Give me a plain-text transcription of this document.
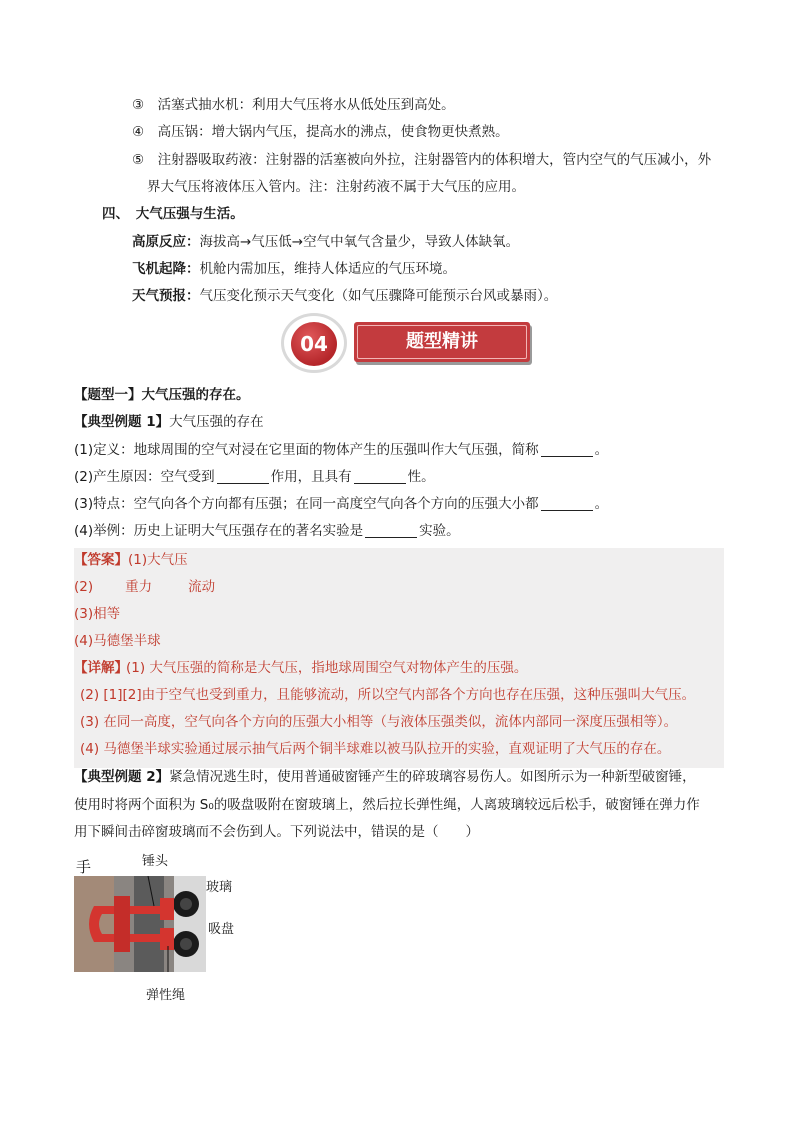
③　活塞式抽水机：利用大气压将水从低处压到高处。
④　高压锅：增大锅内气压，提高水的沸点，使食物更快煮熟。
⑤　注射器吸取药液：注射器的活塞被向外拉，注射器管内的体积增大，管内空气的气压减小，外
界大气压将液体压入管内。注：注射药液不属于大气压的应用。
四、　大气压强与生活。
高原反应：海拔高→气压低→空气中氧气含量少，导致人体缺氧。
飞机起降：机舱内需加压，维持人体适应的气压环境。
天气预报：气压变化预示天气变化（如气压骤降可能预示台风或暴雨）。
04	题型精讲
【题型一】大气压强的存在。
【典型例题 1】大气压强的存在
(1)定义：地球周围的空气对浸在它里面的物体产生的压强叫作大气压强，简称	。
(2)产生原因：空气受到	作用，且具有	性。
(3)特点：空气向各个方向都有压强；在同一高度空气向各个方向的压强大小都	。
(4)举例：历史上证明大气压强存在的著名实验是	实验。
【答案】(1)大气压
(2) 重力	流动
(3)相等
(4)马德堡半球
【详解】
(1) 大气压强的简称是大气压，指地球周围空气对物体产生的压强。
(2) [1][2]由于空气也受到重力，且能够流动，所以空气内部各个方向也存在压强，这种压强叫大气压。
(3) 在同一高度，空气向各个方向的压强大小相等（与液体压强类似，流体内部同一深度压强相等）。
(4) 马德堡半球实验通过展示抽气后两个铜半球难以被马队拉开的实验，直观证明了大气压的存在。
【典型例题 2】紧急情况逃生时，使用普通破窗锤产生的碎玻璃容易伤人。如图所示为一种新型破窗锤，
使用时将两个面积为 S₀的吸盘吸附在窗玻璃上，然后拉长弹性绳，人离玻璃较远后松手，破窗锤在弹力作
用下瞬间击碎窗玻璃而不会伤到人。下列说法中，错误的是（　　）
手	锤头
玻璃
吸盘
弹性绳
